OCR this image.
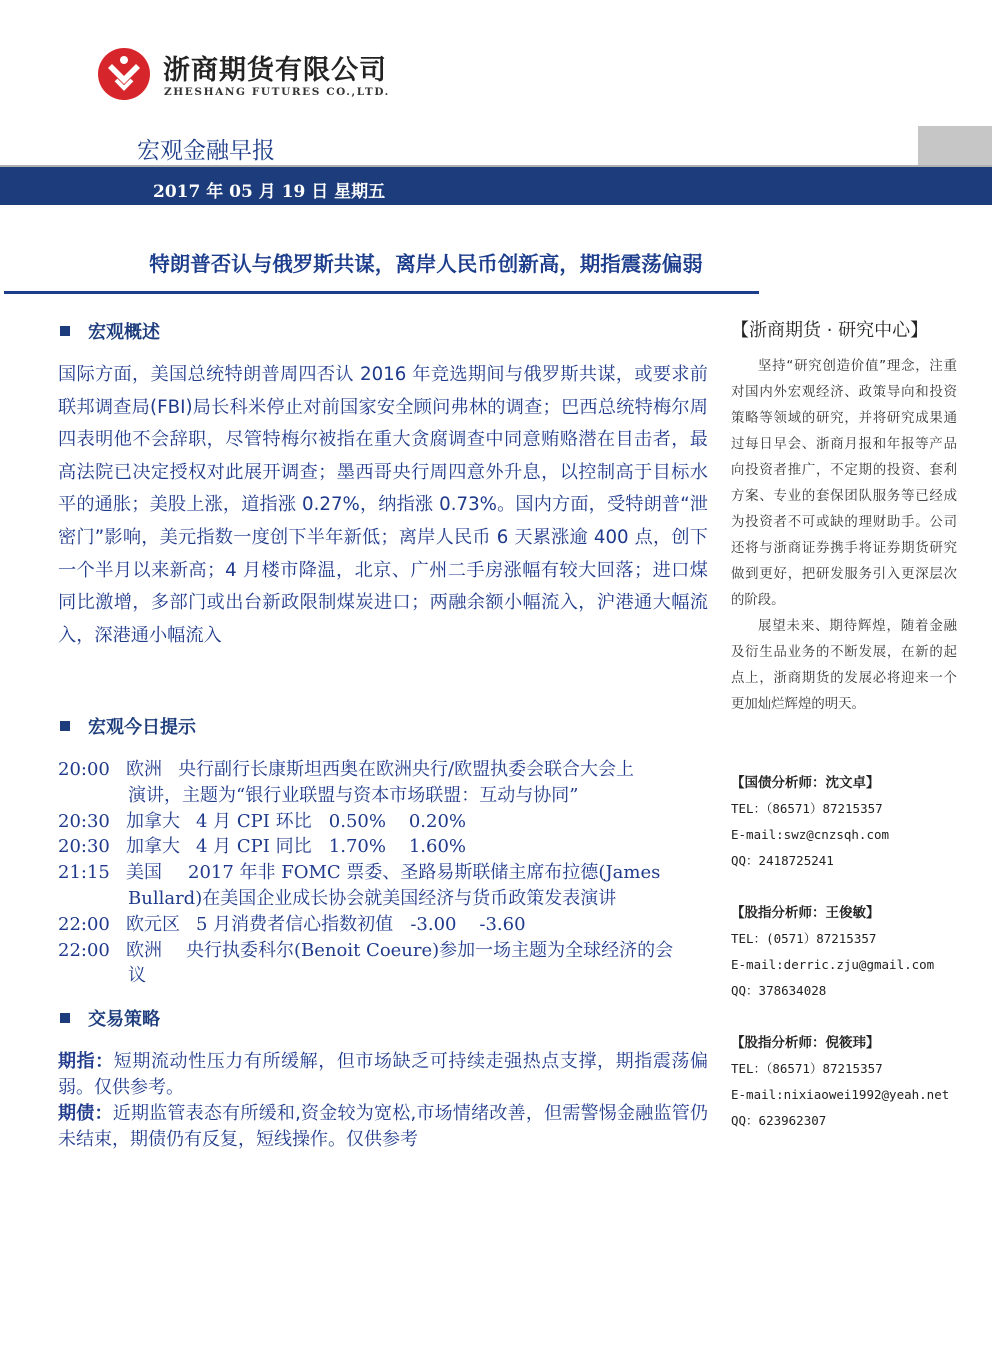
浙商期货有限公司
ZHESHANG FUTURES CO.,LTD.
宏观金融早报
2017 年 05 月 19 日 星期五
特朗普否认与俄罗斯共谋，离岸人民币创新高，期指震荡偏弱
宏观概述

国际方面，美国总统特朗普周四否认 2016 年竞选期间与俄罗斯共谋，或要求前联邦调查局(FBI)局长科米停止对前国家安全顾问弗林的调查；巴西总统特梅尔周四表明他不会辞职，尽管特梅尔被指在重大贪腐调查中同意贿赂潜在目击者，最高法院已决定授权对此展开调查；墨西哥央行周四意外升息，以控制高于目标水平的通胀；美股上涨，道指涨 0.27%，纳指涨 0.73%。国内方面，受特朗普“泄密门”影响，美元指数一度创下半年新低；离岸人民币 6 天累涨逾 400 点，创下一个半月以来新高；4 月楼市降温，北京、广州二手房涨幅有较大回落；进口煤同比激增，多部门或出台新政限制煤炭进口；两融余额小幅流入，沪港通大幅流入，深港通小幅流入

宏观今日提示
20:00 欧洲 央行副行长康斯坦西奥在欧洲央行/欧盟执委会联合大会上
演讲，主题为“银行业联盟与资本市场联盟：互动与协同”
20:30 加拿大 4 月 CPI 环比   0.50%    0.20%
20:30 加拿大 4 月 CPI 同比   1.70%    1.60%
21:15 美国 2017 年非 FOMC 票委、圣路易斯联储主席布拉德(James
Bullard)在美国企业成长协会就美国经济与货币政策发表演讲
22:00 欧元区 5 月消费者信心指数初值   -3.00    -3.60
22:00 欧洲 央行执委科尔(Benoit Coeure)参加一场主题为全球经济的会
议
交易策略
期指：短期流动性压力有所缓解，但市场缺乏可持续走强热点支撑，期指震荡偏弱。仅供参考。
期债：近期监管表态有所缓和,资金较为宽松,市场情绪改善，但需警惕金融监管仍未结束，期债仍有反复，短线操作。仅供参考
【浙商期货 · 研究中心】

坚持“研究创造价值”理念，注重对国内外宏观经济、政策导向和投资策略等领域的研究，并将研究成果通过每日早会、浙商月报和年报等产品向投资者推广，不定期的投资、套利方案、专业的套保团队服务等已经成为投资者不可或缺的理财助手。公司还将与浙商证券携手将证券期货研究做到更好，把研发服务引入更深层次的阶段。

展望未来、期待辉煌，随着金融及衍生品业务的不断发展，在新的起点上，浙商期货的发展必将迎来一个更加灿烂辉煌的明天。

【国债分析师：沈文卓】
TEL：（86571）87215357
E-mail:swz@cnzsqh.com
QQ：2418725241
【股指分析师：王俊敏】
TEL：(0571）87215357
E-mail:derric.zju@gmail.com
QQ：378634028
【股指分析师：倪筱玮】
TEL：（86571）87215357
E-mail:nixiaowei1992@yeah.net
QQ：623962307
